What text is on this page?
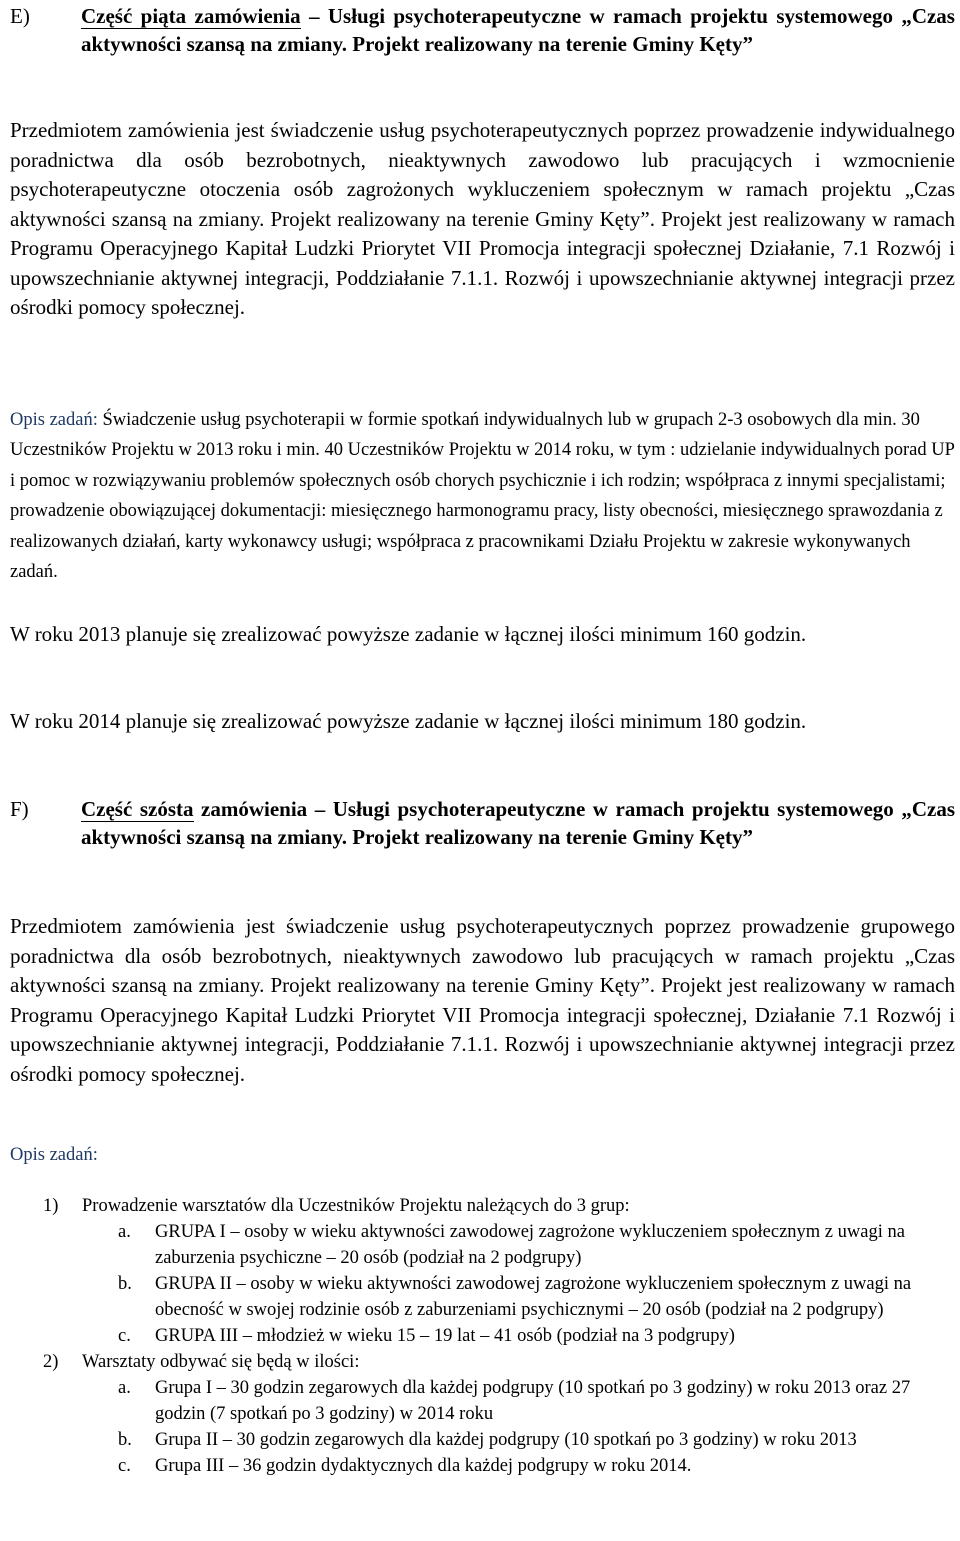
E) Część piąta zamówienia – Usługi psychoterapeutyczne w ramach projektu systemowego „Czas aktywności szansą na zmiany. Projekt realizowany na terenie Gminy Kęty”
Przedmiotem zamówienia jest świadczenie usług psychoterapeutycznych poprzez prowadzenie indywidualnego poradnictwa dla osób bezrobotnych, nieaktywnych zawodowo lub pracujących i wzmocnienie psychoterapeutyczne otoczenia osób zagrożonych wykluczeniem społecznym w ramach projektu „Czas aktywności szansą na zmiany. Projekt realizowany na terenie Gminy Kęty”. Projekt jest realizowany w ramach Programu Operacyjnego Kapitał Ludzki Priorytet VII Promocja integracji społecznej Działanie, 7.1 Rozwój i upowszechnianie aktywnej integracji, Poddziałanie 7.1.1. Rozwój i upowszechnianie aktywnej integracji przez ośrodki pomocy społecznej.
Opis zadań: Świadczenie usług psychoterapii w formie spotkań indywidualnych lub w grupach 2-3 osobowych dla min. 30 Uczestników Projektu w 2013 roku i min. 40 Uczestników Projektu w 2014 roku, w tym : udzielanie indywidualnych porad UP i pomoc w rozwiązywaniu problemów społecznych osób chorych psychicznie i ich rodzin; współpraca z innymi specjalistami; prowadzenie obowiązującej dokumentacji: miesięcznego harmonogramu pracy, listy obecności, miesięcznego sprawozdania z realizowanych działań, karty wykonawcy usługi; współpraca z pracownikami Działu Projektu w zakresie wykonywanych zadań.
W roku 2013 planuje się zrealizować powyższe zadanie w łącznej ilości minimum 160 godzin.
W roku 2014 planuje się zrealizować powyższe zadanie w łącznej ilości minimum 180 godzin.
F) Część szósta zamówienia – Usługi psychoterapeutyczne w ramach projektu systemowego „Czas aktywności szansą na zmiany. Projekt realizowany na terenie Gminy Kęty”
Przedmiotem zamówienia jest świadczenie usług psychoterapeutycznych poprzez prowadzenie grupowego poradnictwa dla osób bezrobotnych, nieaktywnych zawodowo lub pracujących w ramach projektu „Czas aktywności szansą na zmiany. Projekt realizowany na terenie Gminy Kęty”. Projekt jest realizowany w ramach Programu Operacyjnego Kapitał Ludzki Priorytet VII Promocja integracji społecznej, Działanie 7.1 Rozwój i upowszechnianie aktywnej integracji, Poddziałanie 7.1.1. Rozwój i upowszechnianie aktywnej integracji przez ośrodki pomocy społecznej.
Opis zadań:
1) Prowadzenie warsztatów dla Uczestników Projektu należących do 3 grup:
a. GRUPA I – osoby w wieku aktywności zawodowej zagrożone wykluczeniem społecznym z uwagi na zaburzenia psychiczne – 20 osób (podział na 2 podgrupy)
b. GRUPA II – osoby w wieku aktywności zawodowej zagrożone wykluczeniem społecznym z uwagi na obecność w swojej rodzinie osób z zaburzeniami psychicznymi – 20 osób (podział na 2 podgrupy)
c. GRUPA III – młodzież w wieku 15 – 19 lat – 41 osób (podział na 3 podgrupy)
2) Warsztaty odbywać się będą w ilości:
a. Grupa I – 30 godzin zegarowych dla każdej podgrupy (10 spotkań po 3 godziny) w roku 2013 oraz 27 godzin (7 spotkań po 3 godziny) w 2014 roku
b. Grupa II – 30 godzin zegarowych dla każdej podgrupy (10 spotkań po 3 godziny) w roku 2013
c. Grupa III – 36 godzin dydaktycznych dla każdej podgrupy w roku 2014.
